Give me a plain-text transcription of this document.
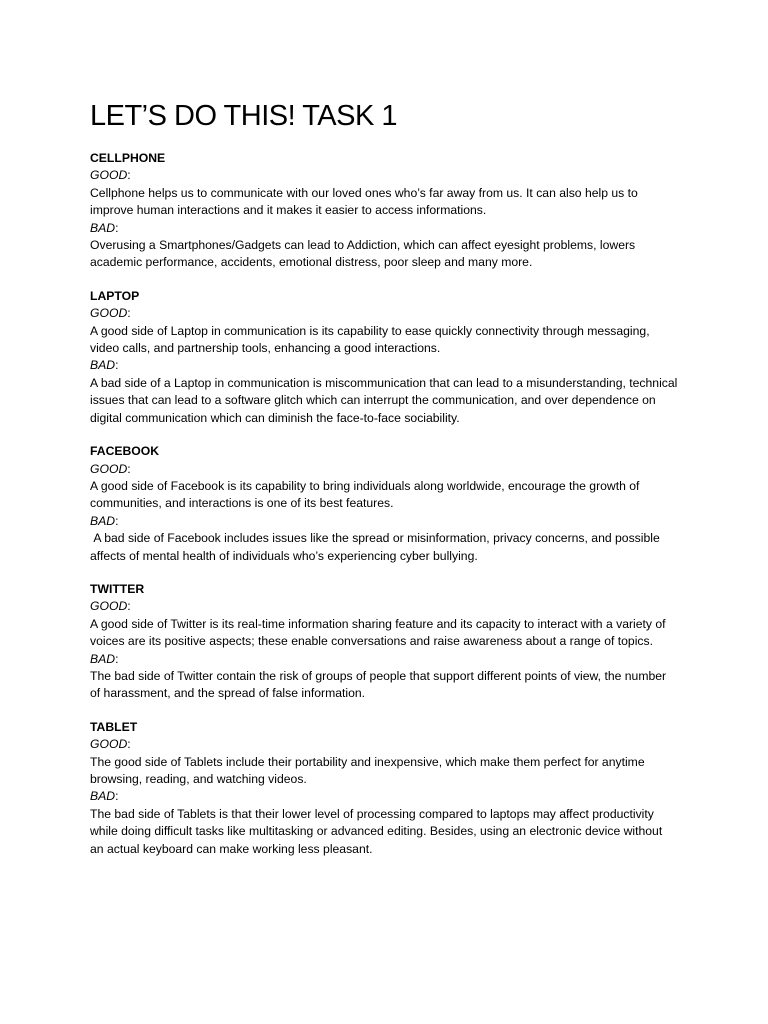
LET’S DO THIS! TASK 1
CELLPHONE
GOOD:
Cellphone helps us to communicate with our loved ones who’s far away from us. It can also help us to improve human interactions and it makes it easier to access informations.
BAD:
Overusing a Smartphones/Gadgets can lead to Addiction, which can affect eyesight problems, lowers academic performance, accidents, emotional distress, poor sleep and many more.
LAPTOP
GOOD:
A good side of Laptop in communication is its capability to ease quickly connectivity through messaging, video calls, and partnership tools, enhancing a good interactions.
BAD:
A bad side of a Laptop in communication is miscommunication that can lead to a misunderstanding, technical issues that can lead to a software glitch which can interrupt the communication, and over dependence on digital communication which can diminish the face-to-face sociability.
FACEBOOK
GOOD:
A good side of Facebook is its capability to bring individuals along worldwide, encourage the growth of communities, and interactions is one of its best features.
BAD:
A bad side of Facebook includes issues like the spread or misinformation, privacy concerns, and possible affects of mental health of individuals who’s experiencing cyber bullying.
TWITTER
GOOD:
A good side of Twitter is its real-time information sharing feature and its capacity to interact with a variety of voices are its positive aspects; these enable conversations and raise awareness about a range of topics.
BAD:
The bad side of Twitter contain the risk of groups of people that support different points of view, the number of harassment, and the spread of false information.
TABLET
GOOD:
The good side of Tablets include their portability and inexpensive, which make them perfect for anytime browsing, reading, and watching videos.
BAD:
The bad side of Tablets is that their lower level of processing compared to laptops may affect productivity while doing difficult tasks like multitasking or advanced editing. Besides, using an electronic device without an actual keyboard can make working less pleasant.
